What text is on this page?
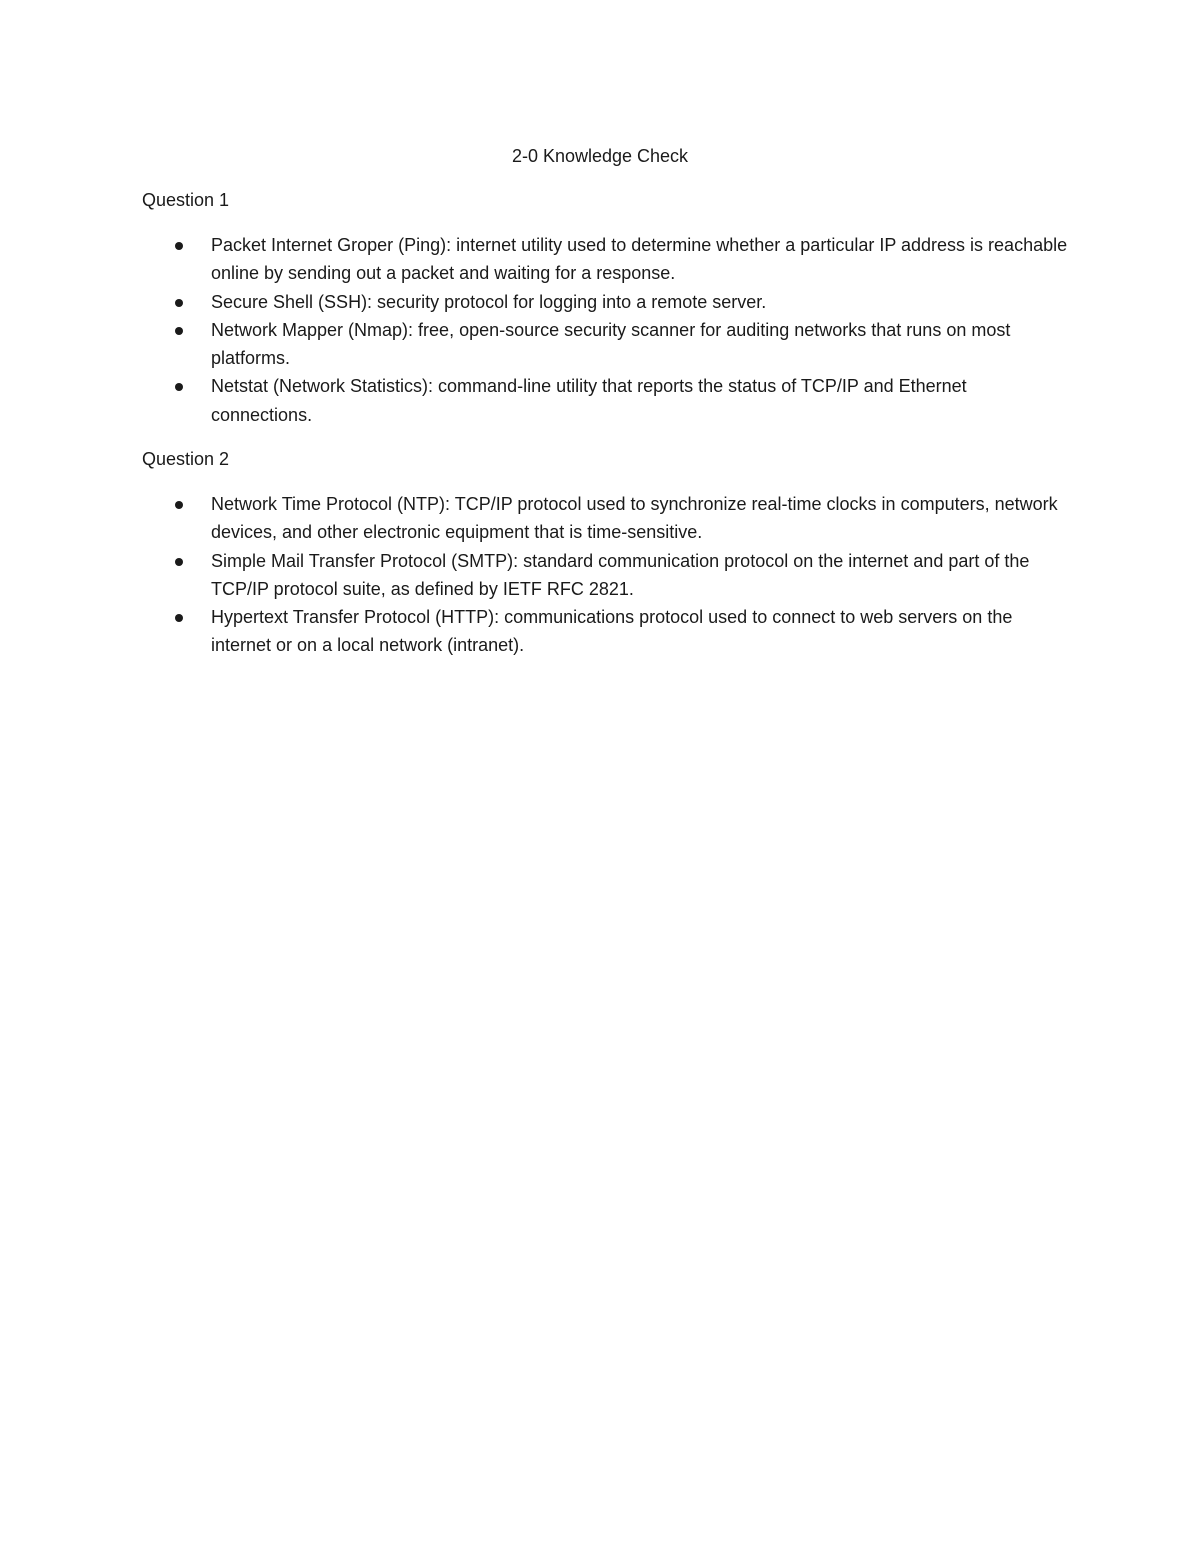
2-0 Knowledge Check
Question 1
Packet Internet Groper (Ping): internet utility used to determine whether a particular IP address is reachable online by sending out a packet and waiting for a response.
Secure Shell (SSH): security protocol for logging into a remote server.
Network Mapper (Nmap): free, open-source security scanner for auditing networks that runs on most platforms.
Netstat (Network Statistics): command-line utility that reports the status of TCP/IP and Ethernet connections.
Question 2
Network Time Protocol (NTP): TCP/IP protocol used to synchronize real-time clocks in computers, network devices, and other electronic equipment that is time-sensitive.
Simple Mail Transfer Protocol (SMTP): standard communication protocol on the internet and part of the TCP/IP protocol suite, as defined by IETF RFC 2821.
Hypertext Transfer Protocol (HTTP): communications protocol used to connect to web servers on the internet or on a local network (intranet).
